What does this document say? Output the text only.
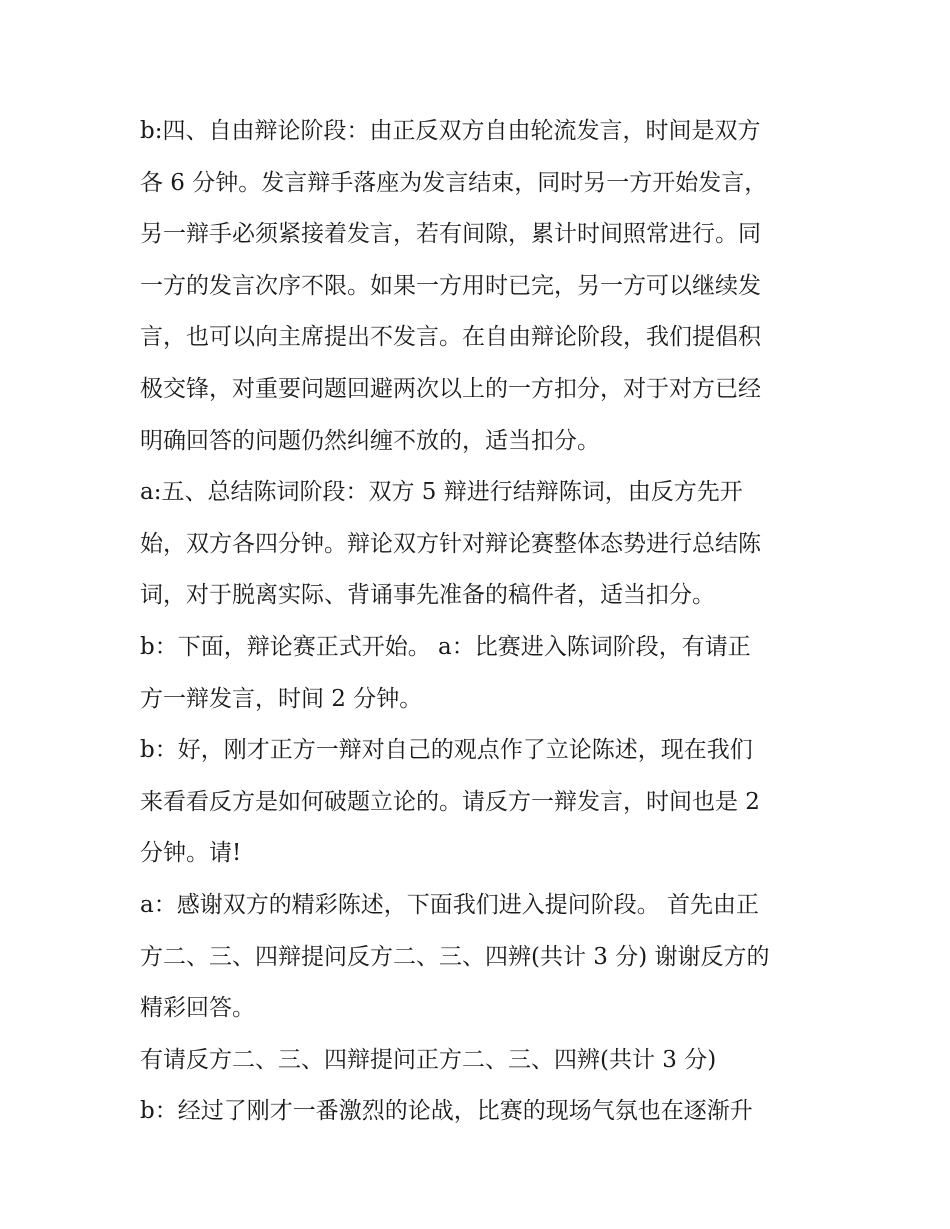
b:四、自由辩论阶段：由正反双方自由轮流发言，时间是双方
各 6 分钟。发言辩手落座为发言结束，同时另一方开始发言，
另一辩手必须紧接着发言，若有间隙，累计时间照常进行。同
一方的发言次序不限。如果一方用时已完，另一方可以继续发
言，也可以向主席提出不发言。在自由辩论阶段，我们提倡积
极交锋，对重要问题回避两次以上的一方扣分，对于对方已经
明确回答的问题仍然纠缠不放的，适当扣分。
a:五、总结陈词阶段：双方 5 辩进行结辩陈词，由反方先开
始，双方各四分钟。辩论双方针对辩论赛整体态势进行总结陈
词，对于脱离实际、背诵事先准备的稿件者，适当扣分。
b：下面，辩论赛正式开始。 a：比赛进入陈词阶段，有请正
方一辩发言，时间 2 分钟。
b：好，刚才正方一辩对自己的观点作了立论陈述，现在我们
来看看反方是如何破题立论的。请反方一辩发言，时间也是 2
分钟。请!
a：感谢双方的精彩陈述，下面我们进入提问阶段。 首先由正
方二、三、四辩提问反方二、三、四辨(共计 3 分) 谢谢反方的
精彩回答。
有请反方二、三、四辩提问正方二、三、四辨(共计 3 分)
b：经过了刚才一番激烈的论战，比赛的现场气氛也在逐渐升
